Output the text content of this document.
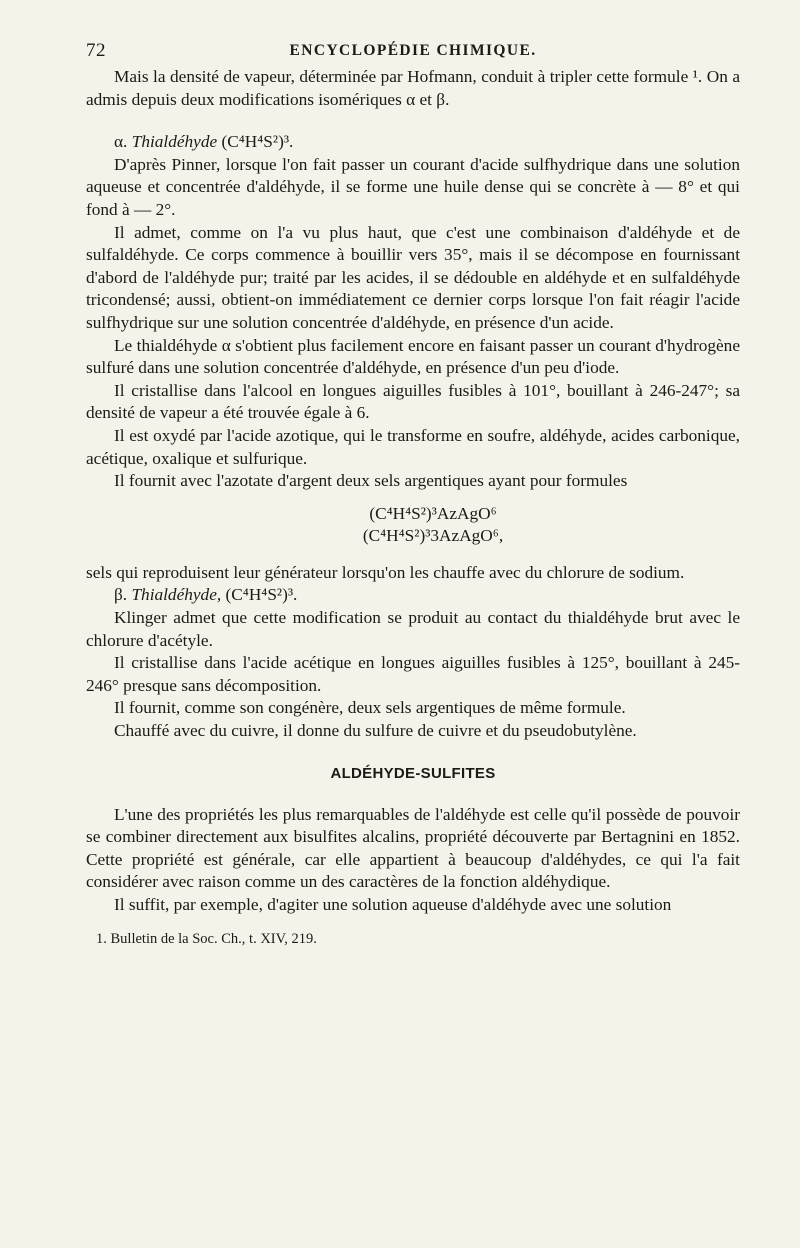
72	ENCYCLOPÉDIE CHIMIQUE.

Mais la densité de vapeur, déterminée par Hofmann, conduit à tripler cette formule ¹. On a admis depuis deux modifications isomériques α et β.

α. Thialdéhyde (C⁴H⁴S²)³.

D'après Pinner, lorsque l'on fait passer un courant d'acide sulfhydrique dans une solution aqueuse et concentrée d'aldéhyde, il se forme une huile dense qui se concrète à — 8° et qui fond à — 2°.

Il admet, comme on l'a vu plus haut, que c'est une combinaison d'aldéhyde et de sulfaldéhyde. Ce corps commence à bouillir vers 35°, mais il se décompose en fournissant d'abord de l'aldéhyde pur; traité par les acides, il se dédouble en aldéhyde et en sulfaldéhyde tricondensé; aussi, obtient-on immédiatement ce dernier corps lorsque l'on fait réagir l'acide sulfhydrique sur une solution concentrée d'aldéhyde, en présence d'un acide.

Le thialdéhyde α s'obtient plus facilement encore en faisant passer un courant d'hydrogène sulfuré dans une solution concentrée d'aldéhyde, en présence d'un peu d'iode.

Il cristallise dans l'alcool en longues aiguilles fusibles à 101°, bouillant à 246-247°; sa densité de vapeur a été trouvée égale à 6.

Il est oxydé par l'acide azotique, qui le transforme en soufre, aldéhyde, acides carbonique, acétique, oxalique et sulfurique.

Il fournit avec l'azotate d'argent deux sels argentiques ayant pour formules

(C⁴H⁴S²)³AzAgO⁶
(C⁴H⁴S²)³3AzAgO⁶,

sels qui reproduisent leur générateur lorsqu'on les chauffe avec du chlorure de sodium.

β. Thialdéhyde, (C⁴H⁴S²)³.

Klinger admet que cette modification se produit au contact du thialdéhyde brut avec le chlorure d'acétyle.

Il cristallise dans l'acide acétique en longues aiguilles fusibles à 125°, bouillant à 245-246° presque sans décomposition.

Il fournit, comme son congénère, deux sels argentiques de même formule.

Chauffé avec du cuivre, il donne du sulfure de cuivre et du pseudobutylène.

ALDÉHYDE-SULFITES

L'une des propriétés les plus remarquables de l'aldéhyde est celle qu'il possède de pouvoir se combiner directement aux bisulfites alcalins, propriété découverte par Bertagnini en 1852. Cette propriété est générale, car elle appartient à beaucoup d'aldéhydes, ce qui l'a fait considérer avec raison comme un des caractères de la fonction aldéhydique.

Il suffit, par exemple, d'agiter une solution aqueuse d'aldéhyde avec une solution

1. Bulletin de la Soc. Ch., t. XIV, 219.
